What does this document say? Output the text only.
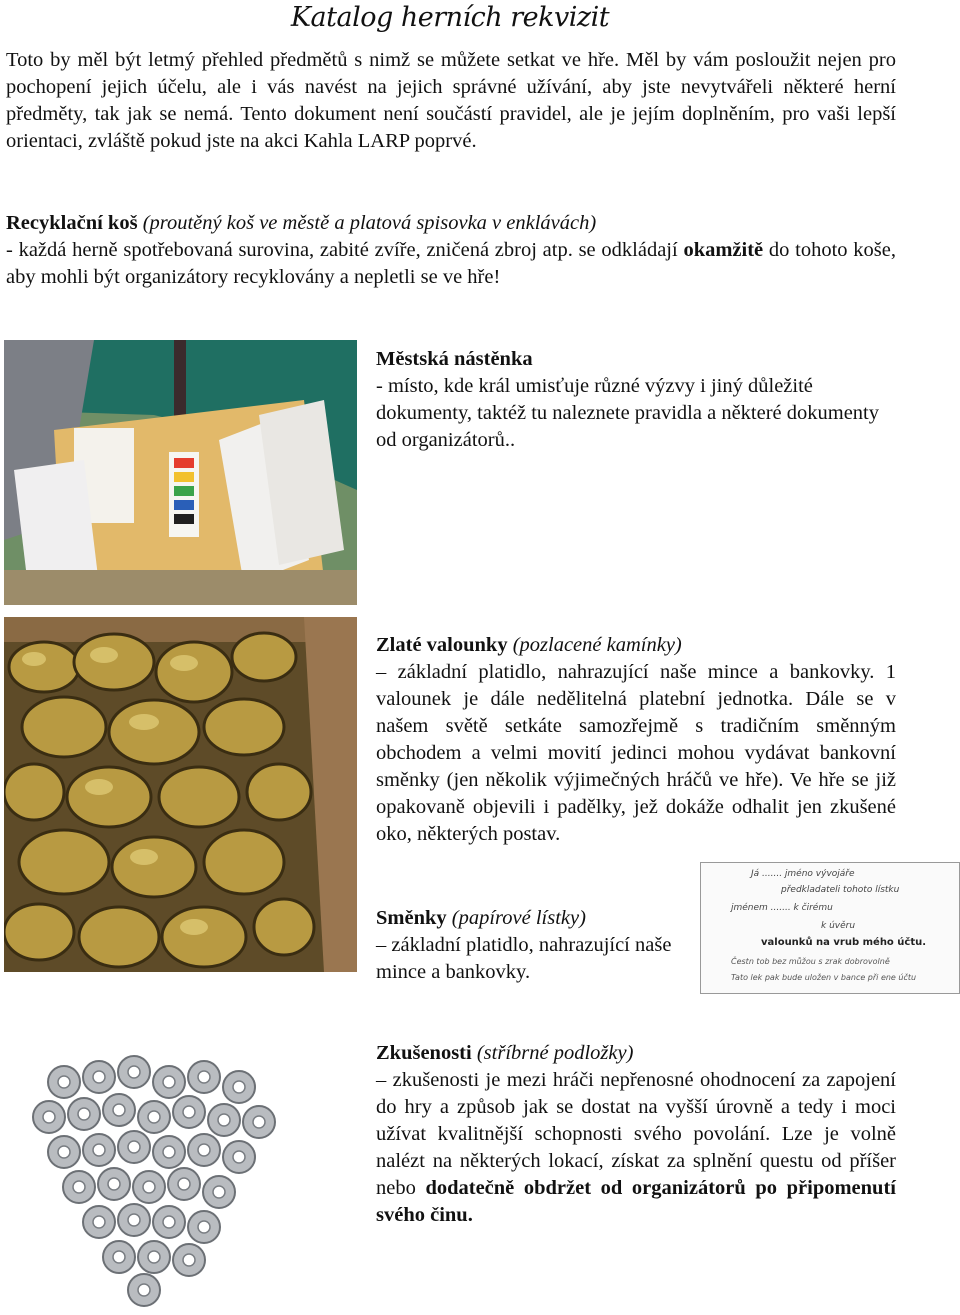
Katalog herních rekvizit
Toto by měl být letmý přehled předmětů s nimž se můžete setkat ve hře. Měl by vám posloužit nejen pro pochopení jejich účelu, ale i vás navést na jejich správné užívání, aby jste nevytvářeli některé herní předměty, tak jak se nemá. Tento dokument není součástí pravidel, ale je jejím doplněním, pro vaši lepší orientaci, zvláště pokud jste na akci Kahla LARP poprvé.
Recyklační koš (proutěný koš ve městě a platová spisovka v enklávách)
- každá herně spotřebovaná surovina, zabité zvíře, zničená zbroj atp. se odkládají okamžitě do tohoto koše, aby mohli být organizátory recyklovány a nepletli se ve hře!
Městská nástěnka
- místo, kde král umisťuje různé výzvy i jiný důležité dokumenty, taktéž tu naleznete pravidla a některé dokumenty od organizátorů..
Zlaté valounky (pozlacené kamínky)
– základní platidlo, nahrazující naše mince a bankovky. 1 valounek je dále nedělitelná platební jednotka. Dále se v našem světě setkáte samozřejmě s tradičním směnným obchodem a velmi movití jedinci mohou vydávat bankovní směnky (jen několik výjimečných hráčů ve hře). Ve hře se již opakovaně objevili i padělky, jež dokáže odhalit jen zkušené oko, některých postav.
Já ....... jméno vývojáře
předkladateli tohoto lístku
jménem ....... k čirému
k úvěru
valounků na vrub mého účtu.
Čestn tob bez můžou s zrak dobrovolně
Tato lek pak bude uložen v bance při ene účtu
Směnky (papírové lístky)
– základní platidlo, nahrazující naše mince a bankovky.
Zkušenosti (stříbrné podložky)
– zkušenosti je mezi hráči nepřenosné ohodnocení za zapojení do hry a způsob jak se dostat na vyšší úrovně a tedy i moci užívat kvalitnější schopnosti svého povolání. Lze je volně nalézt na některých lokací, získat za splnění questu od příšer nebo dodatečně obdržet od organizátorů po připomenutí svého činu.
